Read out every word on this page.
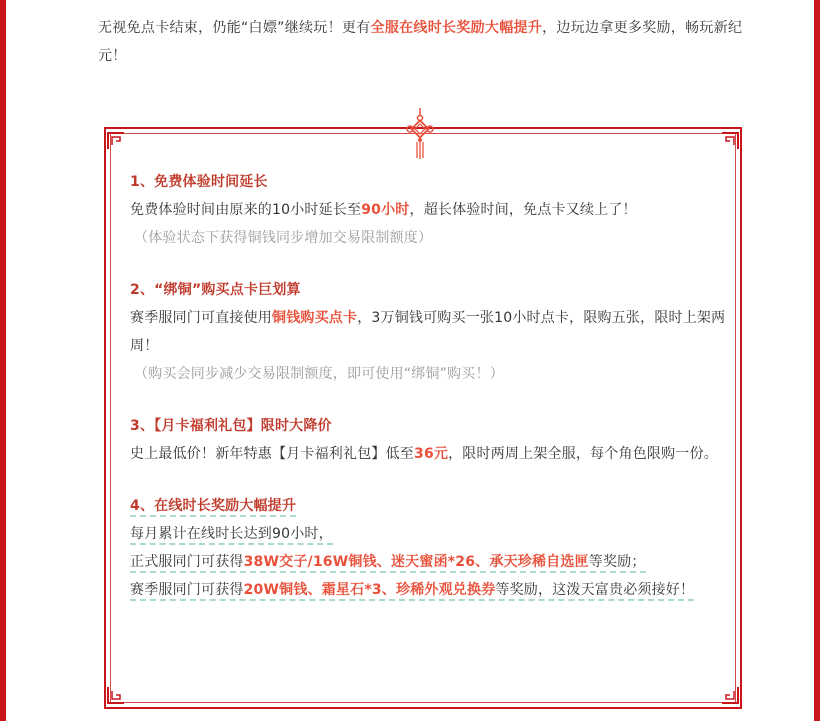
无视免点卡结束，仍能“白嫖”继续玩！更有全服在线时长奖励大幅提升，边玩边拿更多奖励，畅玩新纪元！
1、免费体验时间延长
免费体验时间由原来的10小时延长至90小时，超长体验时间，免点卡又续上了！
（体验状态下获得铜钱同步增加交易限制额度）
2、“绑铜”购买点卡巨划算
赛季服同门可直接使用铜钱购买点卡，3万铜钱可购买一张10小时点卡，限购五张，限时上架两周！
（购买会同步减少交易限制额度，即可使用“绑铜”购买！）
3、【月卡福利礼包】限时大降价
史上最低价！新年特惠【月卡福利礼包】低至36元，限时两周上架全服，每个角色限购一份。
4、在线时长奖励大幅提升
每月累计在线时长达到90小时，
正式服同门可获得38W交子/16W铜钱、迷天蜜函*26、承天珍稀自选匣等奖励；
赛季服同门可获得20W铜钱、霜星石*3、珍稀外观兑换券等奖励，这泼天富贵必须接好！
